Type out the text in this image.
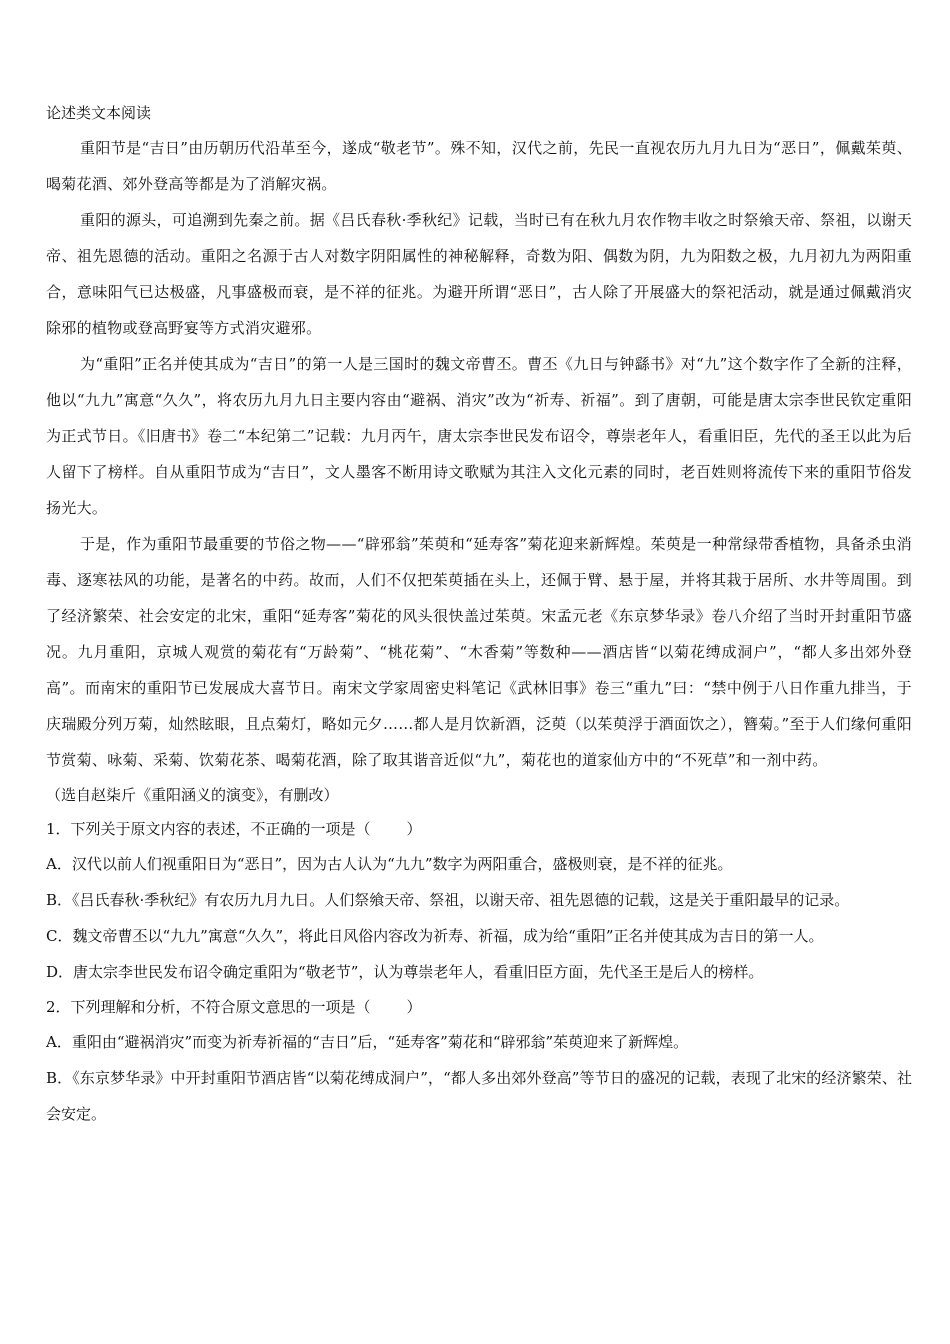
论述类文本阅读

重阳节是“吉日”由历朝历代沿革至今，遂成“敬老节”。殊不知，汉代之前，先民一直视农历九月九日为“恶日”，佩戴茱萸、喝菊花酒、郊外登高等都是为了消解灾祸。

重阳的源头，可追溯到先秦之前。据《吕氏春秋·季秋纪》记载，当时已有在秋九月农作物丰收之时祭飨天帝、祭祖，以谢天帝、祖先恩德的活动。重阳之名源于古人对数字阴阳属性的神秘解释，奇数为阳、偶数为阴，九为阳数之极，九月初九为两阳重合，意味阳气已达极盛，凡事盛极而衰，是不祥的征兆。为避开所谓“恶日”，古人除了开展盛大的祭祀活动，就是通过佩戴消灾除邪的植物或登高野宴等方式消灾避邪。

为“重阳”正名并使其成为“吉日”的第一人是三国时的魏文帝曹丕。曹丕《九日与钟繇书》对“九”这个数字作了全新的注释，他以“九九”寓意“久久”，将农历九月九日主要内容由“避祸、消灾”改为“祈寿、祈福”。到了唐朝，可能是唐太宗李世民钦定重阳为正式节日。《旧唐书》卷二“本纪第二”记载：九月丙午，唐太宗李世民发布诏令，尊崇老年人，看重旧臣，先代的圣王以此为后人留下了榜样。自从重阳节成为“吉日”，文人墨客不断用诗文歌赋为其注入文化元素的同时，老百姓则将流传下来的重阳节俗发扬光大。

于是，作为重阳节最重要的节俗之物——“辟邪翁”茱萸和“延寿客”菊花迎来新辉煌。茱萸是一种常绿带香植物，具备杀虫消毒、逐寒祛风的功能，是著名的中药。故而，人们不仅把茱萸插在头上，还佩于臂、悬于屋，并将其栽于居所、水井等周围。到了经济繁荣、社会安定的北宋，重阳“延寿客”菊花的风头很快盖过茱萸。宋孟元老《东京梦华录》卷八介绍了当时开封重阳节盛况。九月重阳，京城人观赏的菊花有“万龄菊”、“桃花菊”、“木香菊”等数种——酒店皆“以菊花缚成洞户”，“都人多出郊外登高”。而南宋的重阳节已发展成大喜节日。南宋文学家周密史料笔记《武林旧事》卷三“重九”曰：“禁中例于八日作重九排当，于庆瑞殿分列万菊，灿然眩眼，且点菊灯，略如元夕……都人是月饮新酒，泛萸（以茱萸浮于酒面饮之），簪菊。”至于人们缘何重阳节赏菊、咏菊、采菊、饮菊花茶、喝菊花酒，除了取其谐音近似“九”，菊花也的道家仙方中的“不死草”和一剂中药。

（选自赵柒斤《重阳涵义的演变》，有删改）

1．下列关于原文内容的表述，不正确的一项是（ ）

A．汉代以前人们视重阳日为“恶日”，因为古人认为“九九”数字为两阳重合，盛极则衰，是不祥的征兆。

B．《吕氏春秋·季秋纪》有农历九月九日。人们祭飨天帝、祭祖，以谢天帝、祖先恩德的记载，这是关于重阳最早的记录。

C．魏文帝曹丕以“九九”寓意“久久”，将此日风俗内容改为祈寿、祈福，成为给“重阳”正名并使其成为吉日的第一人。

D．唐太宗李世民发布诏令确定重阳为“敬老节”，认为尊崇老年人，看重旧臣方面，先代圣王是后人的榜样。

2．下列理解和分析，不符合原文意思的一项是（ ）

A．重阳由“避祸消灾”而变为祈寿祈福的“吉日”后，“延寿客”菊花和“辟邪翁”茱萸迎来了新辉煌。

B．《东京梦华录》中开封重阳节酒店皆“以菊花缚成洞户”，“都人多出郊外登高”等节日的盛况的记载，表现了北宋的经济繁荣、社会安定。
